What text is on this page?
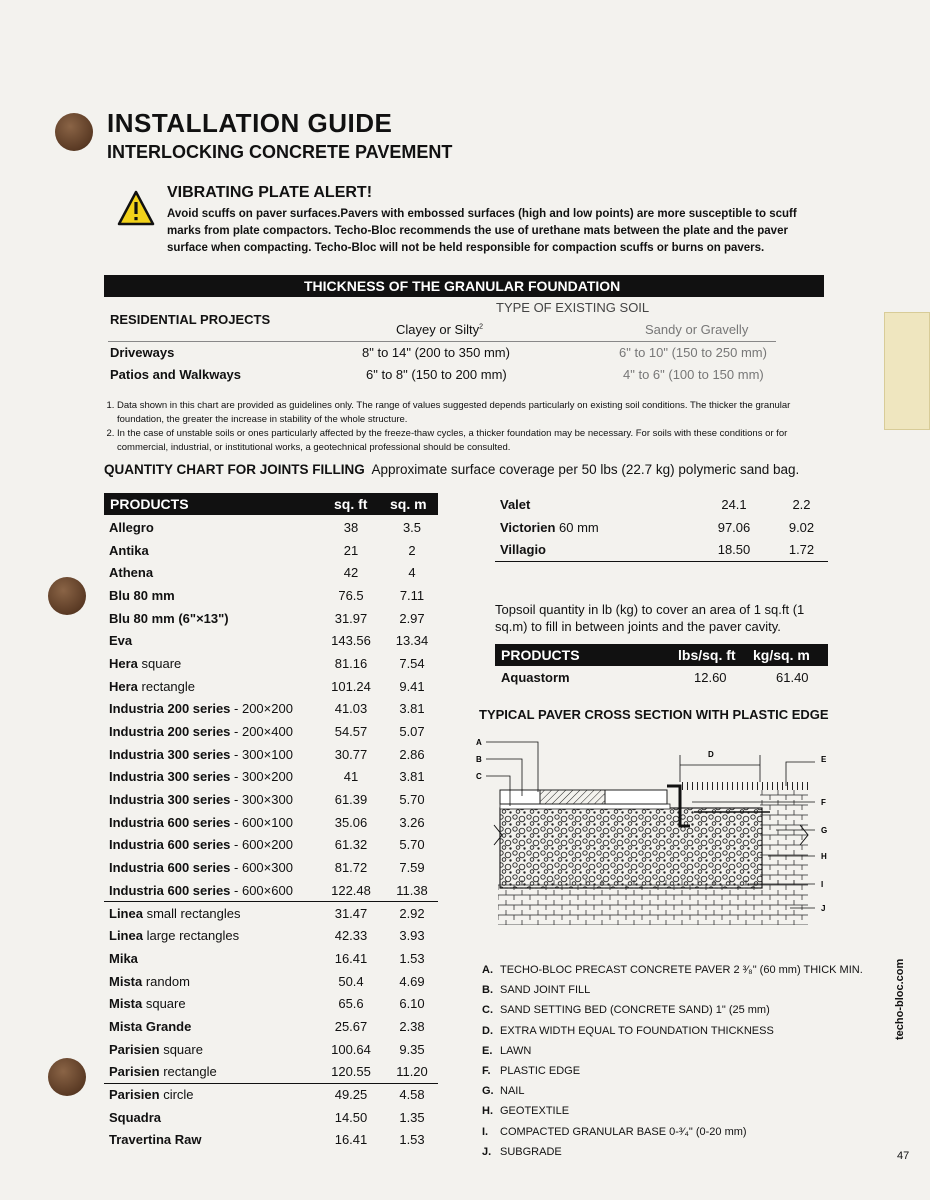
INSTALLATION GUIDE
INTERLOCKING CONCRETE PAVEMENT
VIBRATING PLATE ALERT!
Avoid scuffs on paver surfaces.Pavers with embossed surfaces (high and low points) are more susceptible to scuff marks from plate compactors. Techo-Bloc recommends the use of urethane mats between the plate and the paver surface when compacting. Techo-Bloc will not be held responsible for compaction scuffs or burns on pavers.
THICKNESS OF THE GRANULAR FOUNDATION
TYPE OF EXISTING SOIL
RESIDENTIAL PROJECTS
Clayey or Silty$^2$	Sandy or Gravelly
Driveways	8" to 14" (200 to 350 mm)	6" to 10" (150 to 250 mm)
Patios and Walkways	6" to 8" (150 to 200 mm)	4" to 6" (100 to 150 mm)
1. Data shown in this chart are provided as guidelines only. The range of values suggested depends particularly on existing soil conditions. The thicker the granular foundation, the greater the increase in stability of the whole structure.
2. In the case of unstable soils or ones particularly affected by the freeze-thaw cycles, a thicker foundation may be necessary. For soils with these conditions or for commercial, industrial, or institutional works, a geotechnical professional should be consulted.
QUANTITY CHART FOR JOINTS FILLING Approximate surface coverage per 50 lbs (22.7 kg) polymeric sand bag.
PRODUCTS	sq. ft sq. m
Allegro	38	3.5
Antika	21	2
Athena	42	4
Blu 80 mm	76.5	7.11
Blu 80 mm (6"×13")	31.97	2.97
Eva	143.56	13.34
Hera square	81.16	7.54
Hera rectangle	101.24	9.41
Industria 200 series - 200×200	41.03	3.81
Industria 200 series - 200×400	54.57	5.07
Industria 300 series - 300×100	30.77	2.86
Industria 300 series - 300×200	41	3.81
Industria 300 series - 300×300	61.39	5.70
Industria 600 series - 600×100	35.06	3.26
Industria 600 series - 600×200	61.32	5.70
Industria 600 series - 600×300	81.72	7.59
Industria 600 series - 600×600	122.48	11.38
Linea small rectangles	31.47	2.92
Linea large rectangles	42.33	3.93
Mika	16.41	1.53
Mista random	50.4	4.69
Mista square	65.6	6.10
Mista Grande	25.67	2.38
Parisien square	100.64	9.35
Parisien rectangle	120.55	11.20
Parisien circle	49.25	4.58
Squadra	14.50	1.35
Travertina Raw	16.41	1.53
Valet	24.1	2.2
Victorien 60 mm	97.06	9.02
Villagio	18.50	1.72
Topsoil quantity in lb (kg) to cover an area of 1 sq.ft (1 sq.m) to fill in between joints and the paver cavity.
PRODUCTS	lbs/sq. ft kg/sq. m
Aquastorm	12.60	61.40
TYPICAL PAVER CROSS SECTION WITH PLASTIC EDGE
A
B
C
D
E
F
G
H
I
J
A. TECHO-BLOC PRECAST CONCRETE PAVER 2 ³⁄₈" (60 mm) THICK MIN.
B. SAND JOINT FILL
C. SAND SETTING BED (CONCRETE SAND) 1" (25 mm)
D. EXTRA WIDTH EQUAL TO FOUNDATION THICKNESS
E. LAWN
F. PLASTIC EDGE
G. NAIL
H. GEOTEXTILE
I. COMPACTED GRANULAR BASE 0-³⁄₄" (0-20 mm)
J. SUBGRADE
techo-bloc.com
47
